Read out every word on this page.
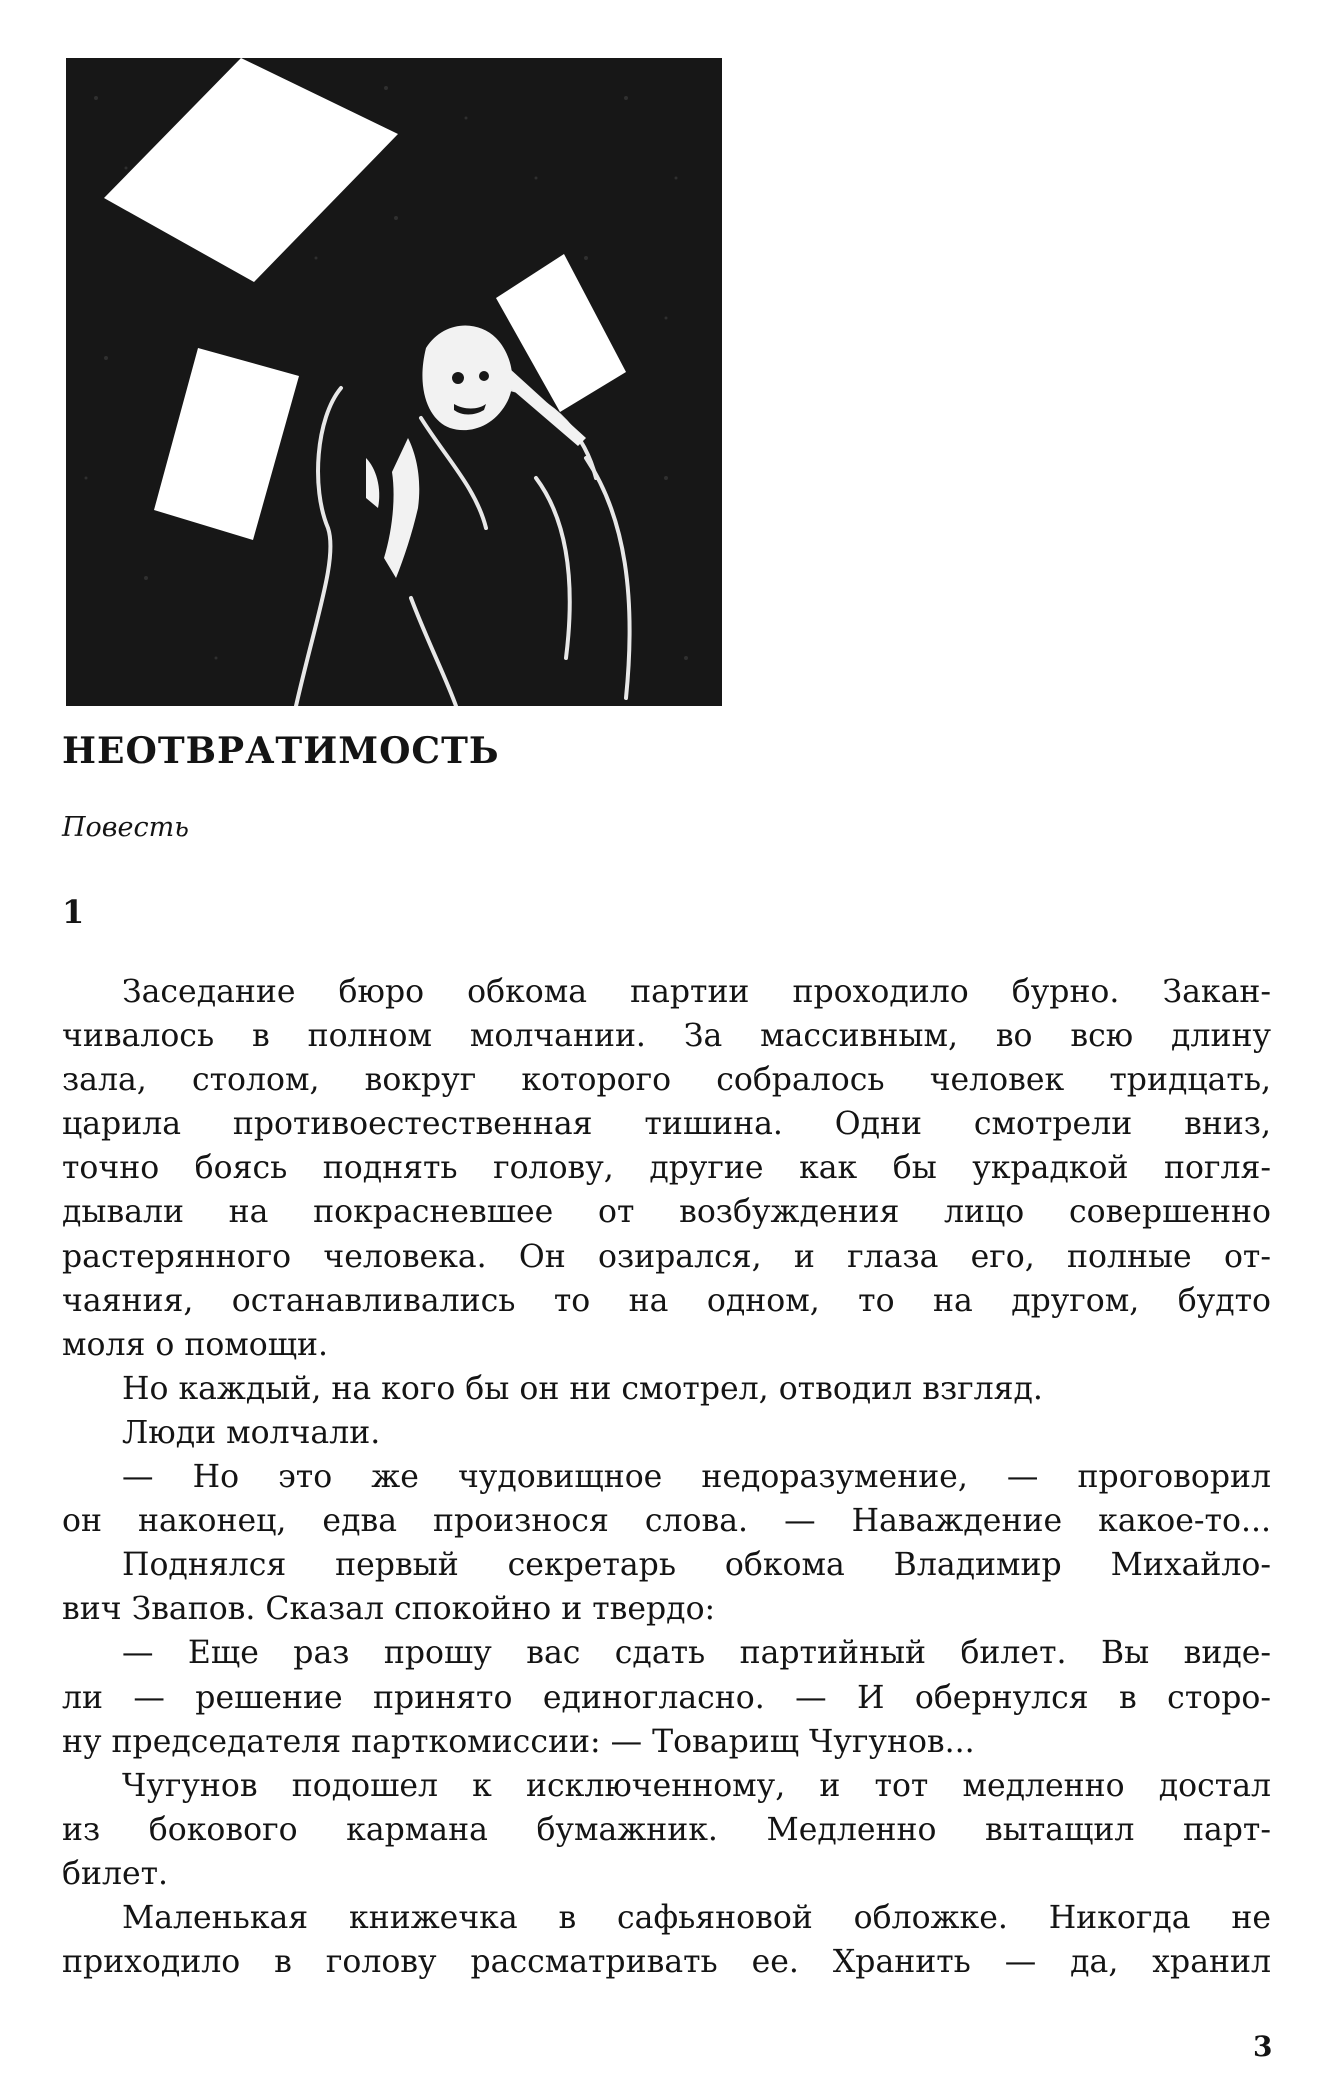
НЕОТВРАТИМОСТЬ

Повесть

1

Заседание бюро обкома партии проходило бурно. Закан-
чивалось в полном молчании. За массивным, во всю длину
зала, столом, вокруг которого собралось человек тридцать,
царила противоестественная тишина. Одни смотрели вниз,
точно боясь поднять голову, другие как бы украдкой погля-
дывали на покрасневшее от возбуждения лицо совершенно
растерянного человека. Он озирался, и глаза его, полные от-
чаяния, останавливались то на одном, то на другом, будто
моля о помощи.
Но каждый, на кого бы он ни смотрел, отводил взгляд.
Люди молчали.
— Но это же чудовищное недоразумение, — проговорил
он наконец, едва произнося слова. — Наваждение какое-то...
Поднялся первый секретарь обкома Владимир Михайло-
вич Звапов. Сказал спокойно и твердо:
— Еще раз прошу вас сдать партийный билет. Вы виде-
ли — решение принято единогласно. — И обернулся в сторо-
ну председателя парткомиссии: — Товарищ Чугунов...
Чугунов подошел к исключенному, и тот медленно достал
из бокового кармана бумажник. Медленно вытащил парт-
билет.
Маленькая книжечка в сафьяновой обложке. Никогда не
приходило в голову рассматривать ее. Хранить — да, хранил

3
